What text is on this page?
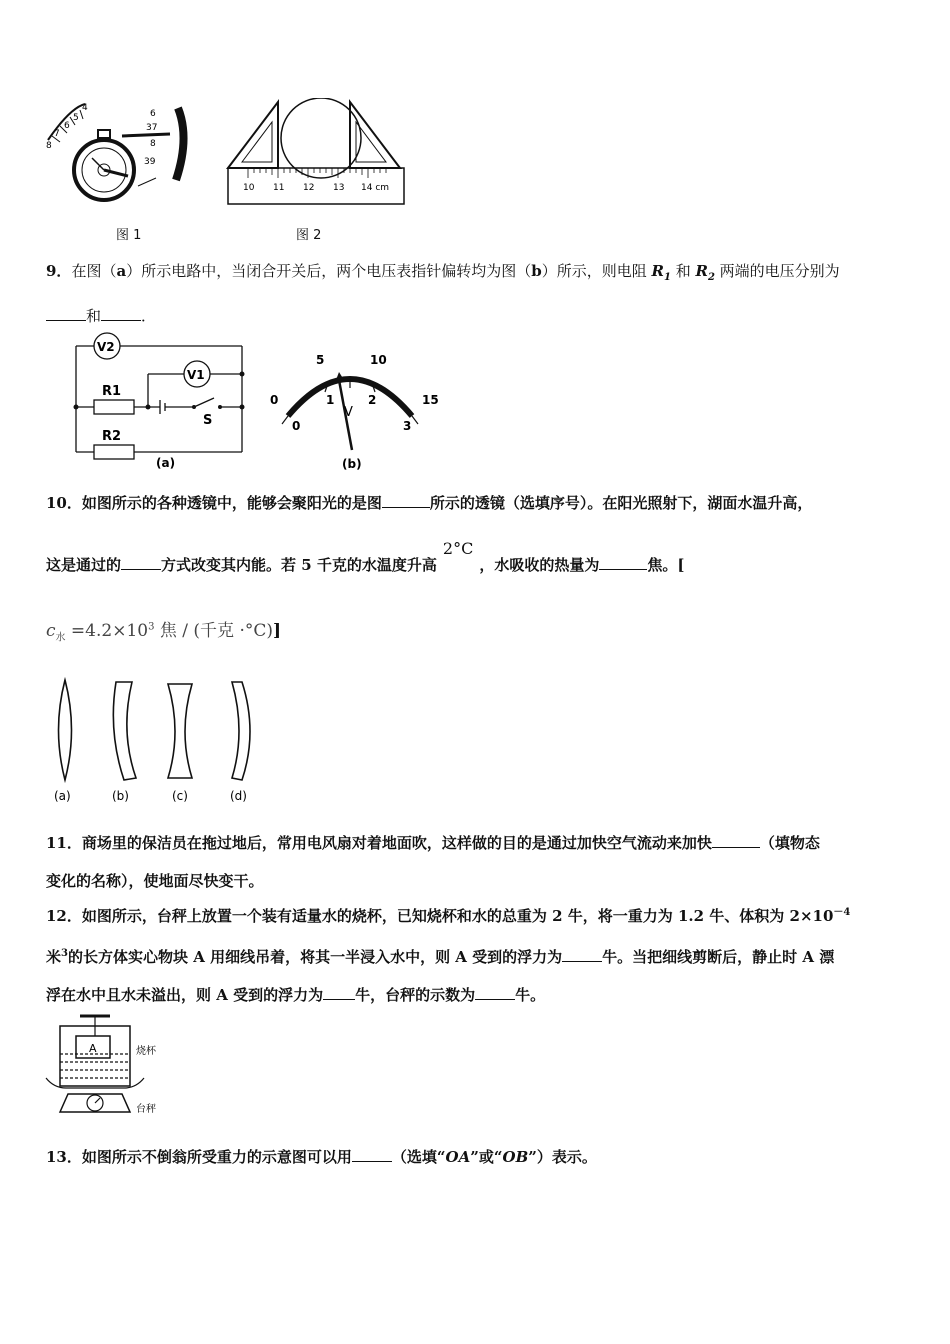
4
5
6
7
8
6
37
8
39
图 1
10 11 12 13 14 cm
图 2
9．在图（a）所示电路中，当闭合开关后，两个电压表指针偏转均为图（b）所示，则电阻 $R_1$ 和 $R_2$ 两端的电压分别为
和	．
V2
V1
R1
R2
S
(a)
0
5	10
15
0
1	2
3
V
(b)
10．如图所示的各种透镜中，能够会聚阳光的是图	所示的透镜（选填序号）。在阳光照射下，湖面水温升高，
这是通过的	方式改变其内能。若 5 千克的水温度升高2°C，水吸收的热量为	焦。[
$c_水 =4.2\times 10^3$ 焦 / (千克 ·°C)]
(a)	(b)	(c)	(d)
11．商场里的保洁员在拖过地后，常用电风扇对着地面吹，这样做的目的是通过加快空气流动来加快	（填物态
变化的名称），使地面尽快变干。
12．如图所示，台秤上放置一个装有适量水的烧杯，已知烧杯和水的总重为 2 牛，将一重力为 1.2 牛、体积为 $2\times 10^{-4}$
米$^3$的长方体实心物块 A 用细线吊着，将其一半浸入水中，则 A 受到的浮力为	牛。当把细线剪断后，静止时 A 漂
浮在水中且水未溢出，则 A 受到的浮力为 牛，台秤的示数为	牛。
A	烧杯
台秤
13．如图所示不倒翁所受重力的示意图可以用	（选填“OA”或“OB”）表示。
